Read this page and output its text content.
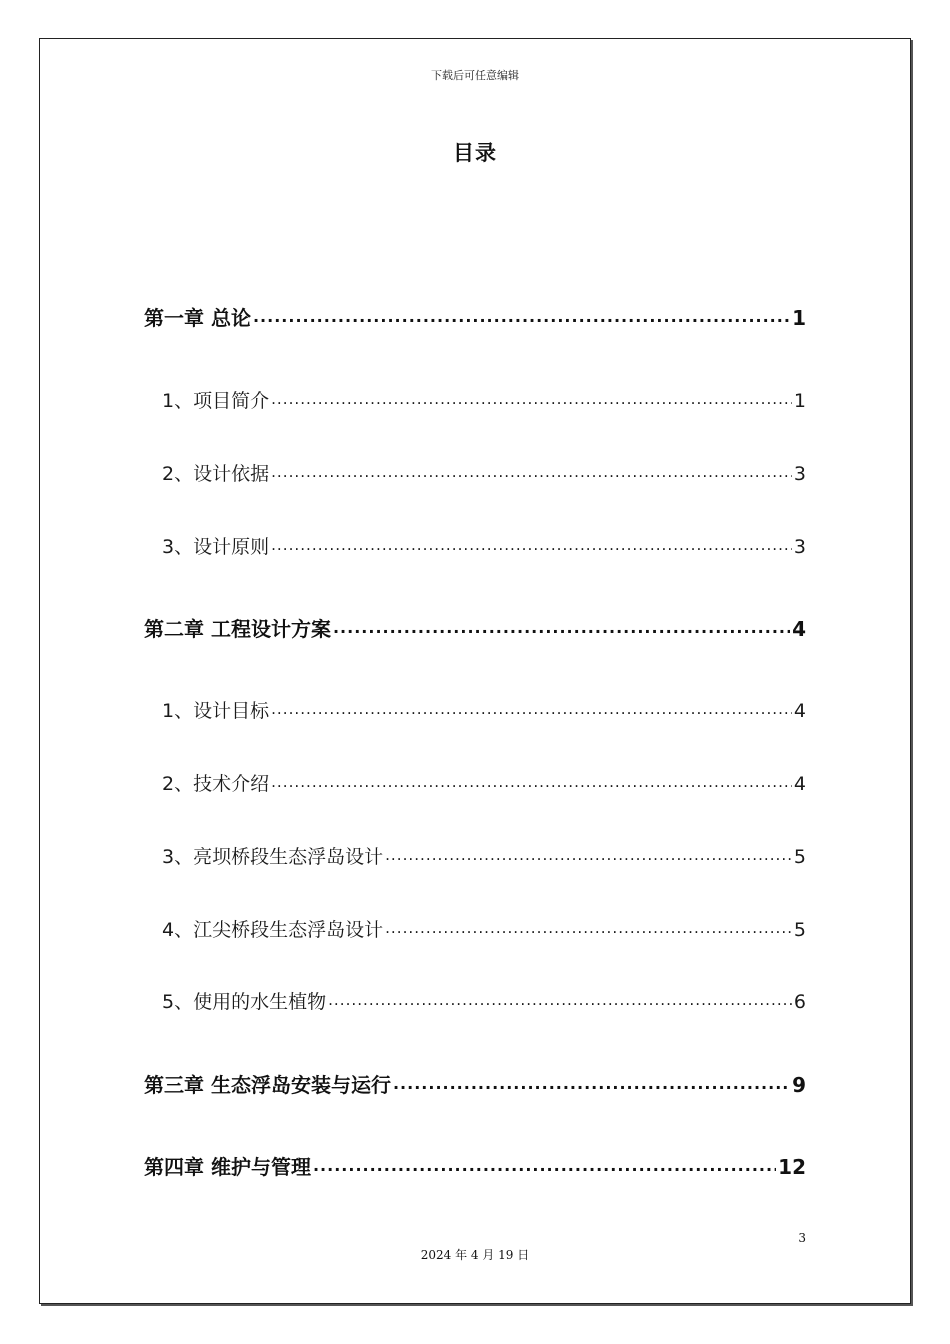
下载后可任意编辑
目录
第一章 总论 .....	1
1、项目简介 .....	1
2、设计依据 .....	3
3、设计原则 .....	3
第二章 工程设计方案 .....	4
1、设计目标 .....	4
2、技术介绍 .....	4
3、亮坝桥段生态浮岛设计 .....	5
4、江尖桥段生态浮岛设计 .....	5
5、使用的水生植物 .....	6
第三章 生态浮岛安装与运行 .....	9
第四章 维护与管理 .....	12
3
2024 年 4 月 19 日
